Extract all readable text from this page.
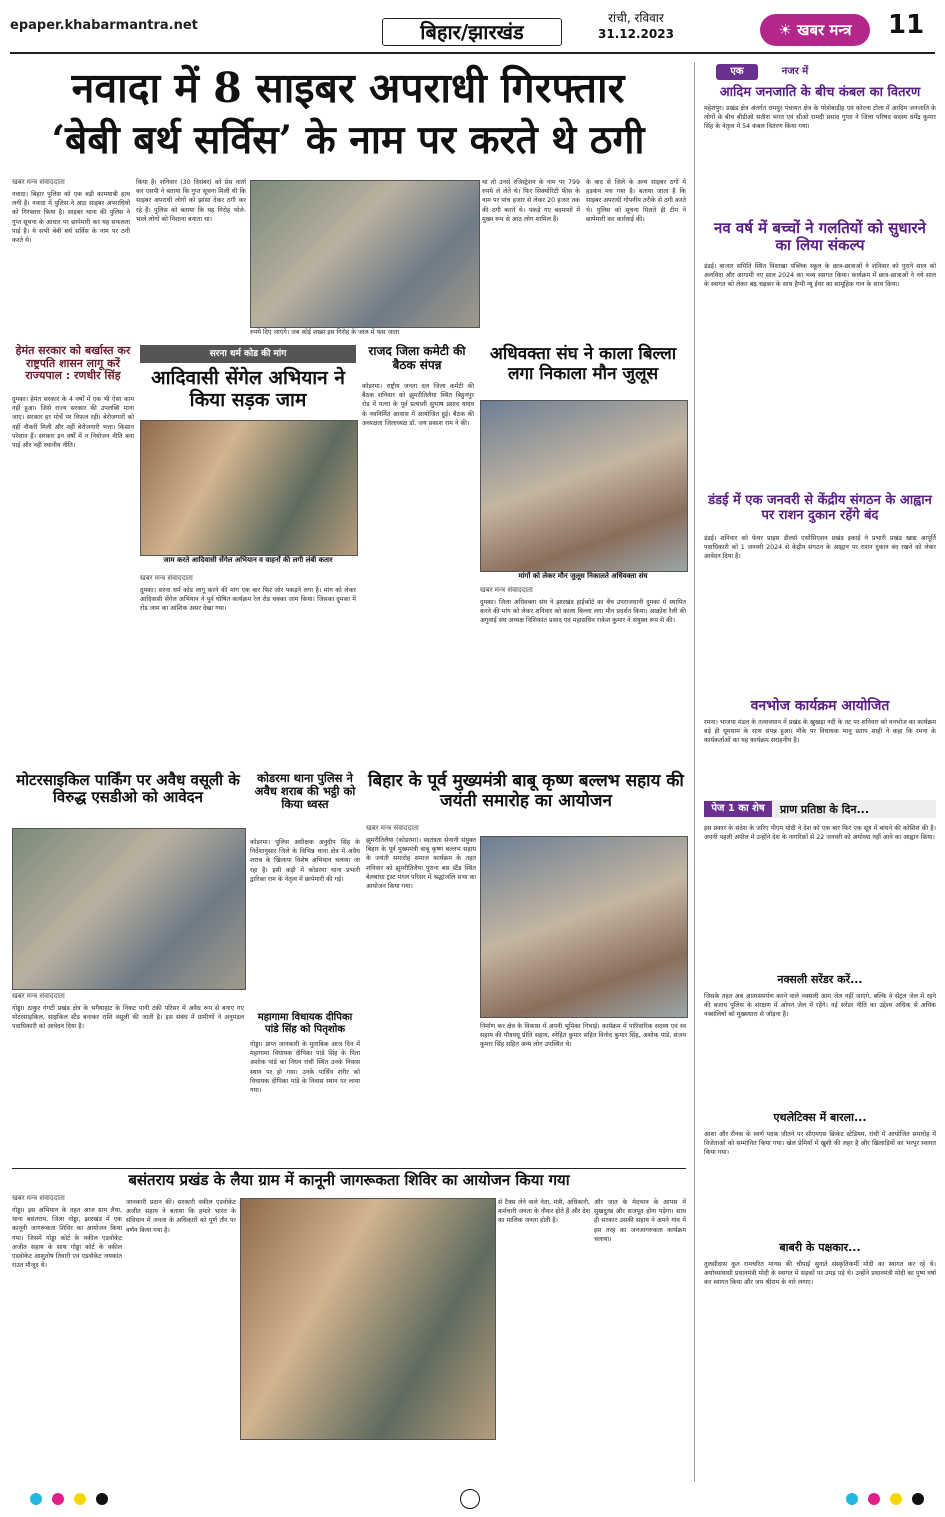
epaper.khabarmantra.net	बिहार/झारखंड
रांची, रविवार
31.12.2023	☀ खबर मन्त्र	11
नवादा में 8 साइबर अपराधी गिरफ्तार
‘बेबी बर्थ सर्विस’ के नाम पर करते थे ठगी
खबर मन्त्र संवाददाता
नवादा। बिहार पुलिस को एक बड़ी कामयाबी हाथ लगी है। नवादा में पुलिस ने आठ साइबर अपराधियों को गिरफ्तार किया है। साइबर थाना की पुलिस ने गुप्त सूचना के आधार पर छापेमारी कर यह सफलता पाई है। ये सभी बेबी बर्थ सर्विस के नाम पर ठगी करते थे।
किया है। शनिवार (30 दिसंबर) को प्रेस वार्ता कर एसपी ने बताया कि गुप्त सूचना मिली थी कि साइबर अपराधी लोगों को झांसा देकर ठगी कर रहे हैं। पुलिस को बताया कि यह गिरोह भोले-भाले लोगों को निशाना बनाता था।
रुपये दिए जाएंगे। जब कोई शख्स इस गिरोह के जाल में फंस जाता
था तो उनसे रजिस्ट्रेशन के नाम पर 799 रुपये ले लेते थे। फिर सिक्योरिटी फीस के नाम पर पांच हजार से लेकर 20 हजार तक की ठगी करते थे। पकड़े गए बदमाशों में मुख्य रूप से आठ लोग शामिल हैं।
के बाद से जिले के अन्य साइबर ठगों में हड़कंप मच गया है। बताया जाता है कि साइबर अपराधी गोपनीय तरीके से ठगी करते थे। पुलिस को सूचना मिलते ही टीम ने छापेमारी कर कार्रवाई की।
हेमंत सरकार को बर्खास्त कर राष्ट्रपति शासन लागू करें राज्यपाल : रणधीर सिंह
दुमका। हेमंत सरकार के 4 वर्षों में एक भी ऐसा काम नहीं हुआ। जिसे राज्य सरकार की उपलब्धि माना जाए। सरकार हर मोर्चे पर विफल रही। बेरोजगारों को नहीं नौकरी मिली और नहीं बेरोजगारी भत्ता। किसान परेशान हैं। सरकार इन वर्षों में न नियोजन नीति बना पाई और नहीं स्थानीय नीति।
सरना धर्म कोड की मांग
आदिवासी सेंगेल अभियान ने किया सड़क जाम
जाम करते आदिवासी सेंगेल अभियान व वाहनों की लगी लंबी कतार
खबर मन्त्र संवाददाता
दुमका। सरना धर्म कोड लागू करने की मांग एक बार फिर जोर पकड़ने लगा है। मांग को लेकर आदिवासी सेंगेल अभियान ने पूर्व घोषित कार्यक्रम रेल रोड चक्का जाम किया। जिसका दुमका में रोड जाम का आंशिक असर देखा गया।
राजद जिला कमेटी की बैठक संपन्न
कोडरमा। राष्ट्रीय जनता दल जिला कमेटी की बैठक शनिवार को झुमरीतिलैया स्थित बिहुनपुर रोड में पतरा के पूर्व प्रत्याशी सुभाष प्रसाद यादव के नवनिर्मित आवास में आयोजित हुई। बैठक की अध्यक्षता जिलाध्यक्ष डॉ. जय प्रकाश राम ने की।
अधिवक्ता संघ ने काला बिल्ला लगा निकाला मौन जुलूस
मांगों को लेकर मौन जुलूस निकालते अधिवक्ता संघ
खबर मन्त्र संवाददाता
दुमका। जिला अधिवक्ता संघ ने झारखंड हाईकोर्ट का बेंच उपराजधानी दुमका में स्थापित करने की मांग को लेकर शनिवार को काला बिल्ला लगा मौन प्रदर्शन किया। आक्रोश रैली की अगुवाई संघ अध्यक्ष निशिकांत प्रसाद एवं महासचिव राकेश कुमार ने संयुक्त रूप से की।
मोटरसाइकिल पार्किंग पर अवैध वसूली के विरुद्ध एसडीओ को आवेदन
खबर मन्त्र संवाददाता
गोड्डा। ठाकुर गंगटी प्रखंड क्षेत्र के भगैयाहाट के निकट पानी टंकी परिसर में अवैध रूप से बनाए गए मोटरसाइकिल, साइकिल स्टैंड बनाकर राशि वसूली की जाती है। इस संबंध में ग्रामीणों ने अनुमंडल पदाधिकारी को आवेदन दिया है।
कोडरमा थाना पुलिस ने अवैध शराब की भट्ठी को किया ध्वस्त
कोडरमा। पुलिस अधीक्षक अनुदीप सिंह के निर्देशानुसार जिले के विभिन्न थाना क्षेत्र में अवैध शराब के खिलाफ विशेष अभियान चलाया जा रहा है। इसी कड़ी में कोडरमा थाना प्रभारी द्वारिका राम के नेतृत्व में छापेमारी की गई।
महागामा विधायक दीपिका पांडे सिंह को पितृशोक
गोड्डा। प्राप्त जानकारी के मुताबिक आज दिन में महागामा विधायक दीपिका पांडे सिंह के पिता अशोक पांडे का निधन रांची स्थित उनके निवास स्थान पर हो गया। उनके पार्थिव शरीर को विधायक दीपिका पांडे के निवास स्थान पर लाया गया।
बिहार के पूर्व मुख्यमंत्री बाबू कृष्ण बल्लभ सहाय की जयंती समारोह का आयोजन
खबर मन्त्र संवाददाता
झुमरीतिलैया (कोडरमा)। स्वतंत्रता सेनानी संयुक्त बिहार के पूर्व मुख्यमंत्री बाबू कृष्ण बल्लभ सहाय के जयंती समारोह समाज कार्यक्रम के तहत शनिवार को झुमरीतिलैया पुराना बस स्टैंड स्थित बेलबांधा ट्रस्ट मंगल परिसर में श्रद्धांजलि सभा का आयोजन किया गया।
निर्माण कर क्षेत्र के विकास में अपनी भूमिका निभाई। कार्यक्रम में पारिवारिक सदस्य एवं स्व सहाय की पौत्रवधू प्रीति सहाय, स्नेहित कुमार सहित विनोद कुमार सिंह, अशोक पांडे, संजय कुमार सिंह सहित अन्य लोग उपस्थित थे।
बसंतराय प्रखंड के लैया ग्राम में कानूनी जागरूकता शिविर का आयोजन किया गया
खबर मन्त्र संवाददाता
गोड्डा। इस अभियान के तहत आज ग्राम लैया, थाना बसंतराय, जिला गोड्डा, झारखंड में एक कानूनी जागरूकता शिविर का आयोजन किया गया। जिसमें गोड्डा कोर्ट के वकील एडवोकेट अजीत सहाय के साथ गोड्डा कोर्ट के वकील एडवोकेट आशुतोष तिवारी एवं एडवोकेट जयकांत राउत मौजूद थे।
जानकारी प्रदान की। सरकारी वकील एडवोकेट अजीत सहाय ने बताया कि हमारे भारत के संविधान में जनता के अधिकारों को पूर्ण तौर पर वर्णन किया गया है।
से टैक्स लेने वाले नेता, मंत्री, अधिकारी, कर्मचारी जनता के नौकर होते हैं और देश का मालिक जनता होती है।
और जात के मेदभाव के आपस में सुखदुःख और सजपूत होना पड़ेगा। साथ ही सरकार उसकी सहाय ने अपने गांव में इस तरह का जनजागरुकता कार्यक्रम चलाया।
एक	नजर में
आदिम जनजाति के बीच कंबल का वितरण
महेशपुर। प्रखंड क्षेत्र अंतर्गत रामपुर पंचायत क्षेत्र के परेशेबाड़ीह एवं कोरला टोला में आदिम जनजाति के लोगों के बीच बीडीओ सतीश भगत एवं सीओ रामदी प्रसाद गुप्ता ने जिला परिषद सदस्य धर्मेंद्र कुमार सिंह के नेतृत्व में 54 कंबल वितरण किया गया।
नव वर्ष में बच्चों ने गलतियों को सुधारने का लिया संकल्प
डंडई। बाजार समिति स्थित विशाखा पब्लिक स्कूल के छात्र-छात्राओं ने शनिवार को पुराने साल को अलविदा और आगामी नए साल 2024 का भव्य स्वागत किया। कार्यक्रम में छात्र-छात्राओं ने नये साल के स्वागत को लेकर बढ़ चढ़कर के साथ हैप्पी न्यू ईयर का सामूहिक गान के साथ किया।
डंडई में एक जनवरी से केंद्रीय संगठन के आह्वान पर राशन दुकान रहेंगे बंद
डंडई। शनिवार को फेयर प्राइस डीलर्स एसोसिएशन प्रखंड इकाई ने प्रभारी प्रखंड खाद्य आपूर्ति पदाधिकारी को 1 जनवरी 2024 से केंद्रीय संगठन के आह्वान पर राशन दुकान बंद रखने को लेकर आवेदन दिया है।
वनभोज कार्यक्रम आयोजित
रमना। भाजपा मंडल के तत्वावधान में प्रखंड के खुखड़ा नदी के तट पर शनिवार को वनभोज का कार्यक्रम बड़े ही धूमधाम के साथ संपन्न हुआ। मौके पर विधायक भानु प्रताप शाही ने कहा कि रमना के कार्यकर्ताओं का यह कार्यक्रम सराहनीय है।
पेज 1 का शेष	प्राण प्रतिष्ठा के दिन...
इस प्रकार के संदेश के जरिए पीएम मोदी ने देश को एक बार फिर एक सूत्र में बांधने की कोशिश की है। अपनी पहली अपील में उन्होंने देश के नागरिकों से 22 जनवरी को अयोध्या नहीं आने का आह्वान किया।
नक्सली सरेंडर करें...
जिसके तहत अब आत्मसमर्पण करने वाले नक्सली आम जेल नहीं जाएंगे, बल्कि वे सेंट्रल जेल में रहने की बजाय पुलिस के संरक्षण में ओपन जेल में रहेंगे। नई सरेंडर नीति का उद्देश्य अधिक से अधिक नक्सलियों को मुख्यधारा से जोड़ना है।
एथलेटिक्स में बारला...
आशा और रौनक के स्वर्ण पदक जीतने पर सीएमएस क्रिकेट स्टेडियम, रांची में आयोजित समारोह में विजेताओं को सम्मानित किया गया। खेल प्रेमियों में खुशी की लहर है और खिलाड़ियों का भरपूर स्वागत किया गया।
बाबरी के पक्षकार...
तुलसीदास कुत रामचरित मानस की चौपाई सुनाते संस्कृतिकर्मी मोदी का स्वागत कर रहे थे। अयोध्यावासी प्रधानमंत्री मोदी के स्वागत में सड़कों पर उमड़ पड़े थे। उन्होंने प्रधानमंत्री मोदी का पुष्प वर्षा कर स्वागत किया और जय श्रीराम के नारे लगाए।
